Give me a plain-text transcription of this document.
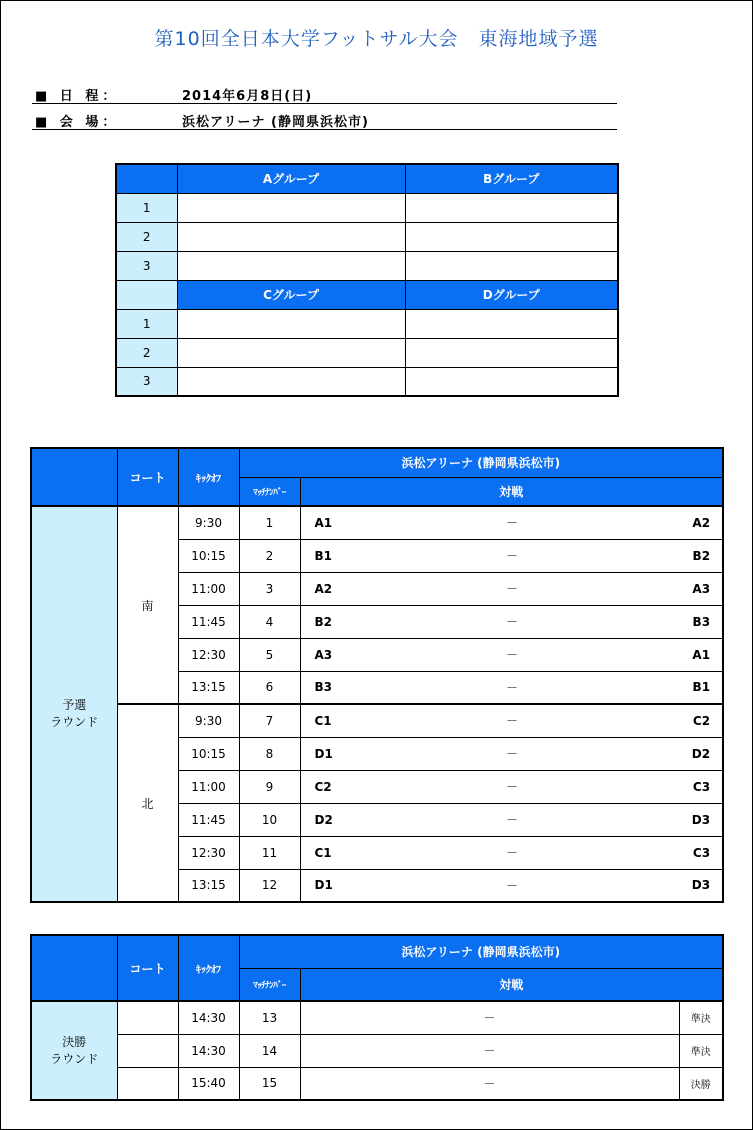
第10回全日本大学フットサル大会　東海地域予選
■ 日 程：	2014年6月8日(日)
■ 会 場：	浜松アリーナ (静岡県浜松市)
	Aグループ	Bグループ
1		
2		
3		
	Cグループ	Dグループ
1		
2		
3		
	コート	ｷｯｸｵﾌ	浜松アリーナ (静岡県浜松市)			
			ﾏｯﾁﾅﾝﾊﾞｰ	対戦		

予選
ラウンド	南	9:30	1	A1	－	A2
		10:15	2	B1	－	B2
		11:00	3	A2	－	A3
		11:45	4	B2	－	B3
		12:30	5	A3	－	A1
		13:15	6	B3	－	B1
	北	9:30	7	C1	－	C2
		10:15	8	D1	－	D2
		11:00	9	C2	－	C3
		11:45	10	D2	－	D3
		12:30	11	C1	－	C3
		13:15	12	D1	－	D3
	コート	ｷｯｸｵﾌ	浜松アリーナ (静岡県浜松市)		
			ﾏｯﾁﾅﾝﾊﾞｰ	対戦	

決勝
ラウンド		14:30	13	－	準決
		14:30	14	－	準決
		15:40	15	－	決勝
